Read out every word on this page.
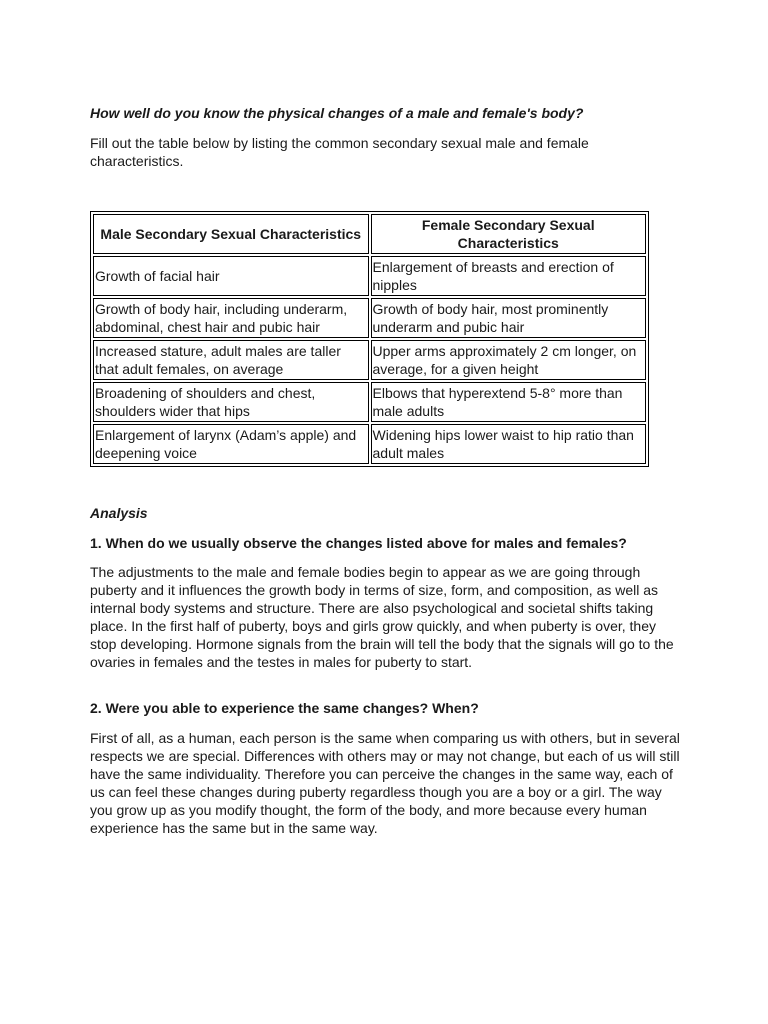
How well do you know the physical changes of a male and female's body?
Fill out the table below by listing the common secondary sexual male and female characteristics.
Male Secondary Sexual Characteristics	Female Secondary Sexual Characteristics
Growth of facial hair	Enlargement of breasts and erection of nipples
Growth of body hair, including underarm, abdominal, chest hair and pubic hair	Growth of body hair, most prominently underarm and pubic hair
Increased stature, adult males are taller that adult females, on average	Upper arms approximately 2 cm longer, on average, for a given height
Broadening of shoulders and chest, shoulders wider that hips	Elbows that hyperextend 5-8° more than male adults
Enlargement of larynx (Adam’s apple) and deepening voice	Widening hips lower waist to hip ratio than adult males
Analysis
1. When do we usually observe the changes listed above for males and females?
The adjustments to the male and female bodies begin to appear as we are going through puberty and it influences the growth body in terms of size, form, and composition, as well as internal body systems and structure. There are also psychological and societal shifts taking place. In the first half of puberty, boys and girls grow quickly, and when puberty is over, they stop developing. Hormone signals from the brain will tell the body that the signals will go to the ovaries in females and the testes in males for puberty to start.
2. Were you able to experience the same changes? When?
First of all, as a human, each person is the same when comparing us with others, but in several respects we are special. Differences with others may or may not change, but each of us will still have the same individuality. Therefore you can perceive the changes in the same way, each of us can feel these changes during puberty regardless though you are a boy or a girl. The way you grow up as you modify thought, the form of the body, and more because every human experience has the same but in the same way.
